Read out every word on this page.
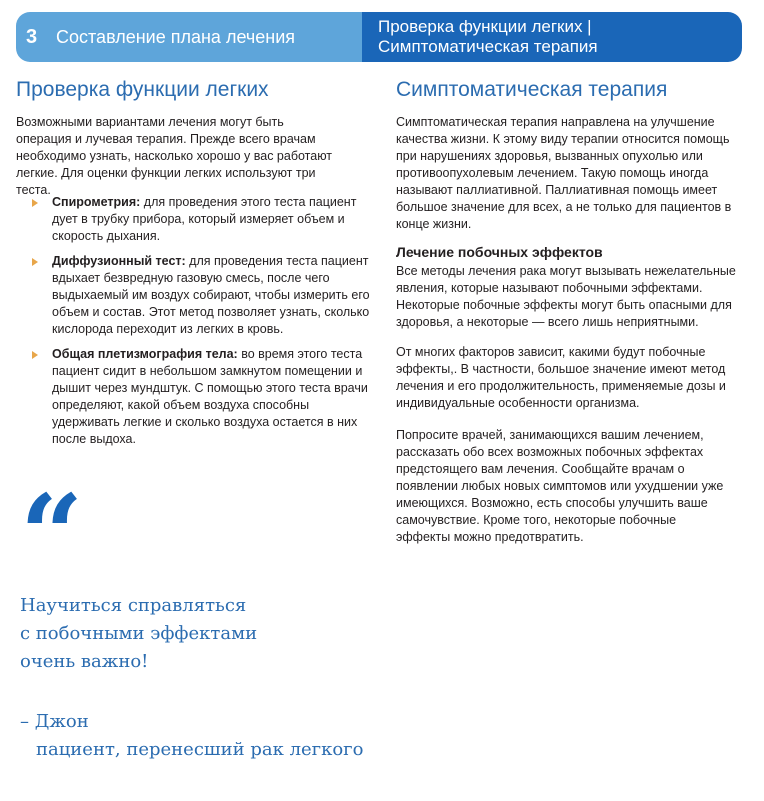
3	Составление плана лечения	Проверка функции легких |
Симптоматическая терапия
Проверка функции легких

Возможными вариантами лечения могут быть операция и лучевая терапия. Прежде всего врачам необходимо узнать, насколько хорошо у вас работают легкие. Для оценки функции легких используют три теста.

Спирометрия: для проведения этого теста пациент дует в трубку прибора, который измеряет объем и скорость дыхания.
Диффузионный тест: для проведения теста пациент вдыхает безвредную газовую смесь, после чего выдыхаемый им воздух собирают, чтобы измерить его объем и состав. Этот метод позволяет узнать, сколько кислорода переходит из легких в кровь.
Общая плетизмография тела: во время этого теста пациент сидит в небольшом замкнутом помещении и дышит через мундштук. С помощью этого теста врачи определяют, какой объем воздуха способны удерживать легкие и сколько воздуха остается в них после выдоха.
“

Научиться справляться
с побочными эффектами
очень важно!

– Джон
пациент, перенесший рак легкого

Симптоматическая терапия

Симптоматическая терапия направлена на улучшение качества жизни. К этому виду терапии относится помощь при нарушениях здоровья, вызванных опухолью или противоопухолевым лечением. Такую помощь иногда называют паллиативной. Паллиативная помощь имеет большое значение для всех, а не только для пациентов в конце жизни.

Лечение побочных эффектов

Все методы лечения рака могут вызывать нежелательные явления, которые называют побочными эффектами. Некоторые побочные эффекты могут быть опасными для здоровья, а некоторые — всего лишь неприятными.

От многих факторов зависит, какими будут побочные эффекты,. В частности, большое значение имеют метод лечения и его продолжительность, применяемые дозы и индивидуальные особенности организма.

Попросите врачей, занимающихся вашим лечением, рассказать обо всех возможных побочных эффектах предстоящего вам лечения. Сообщайте врачам о появлении любых новых симптомов или ухудшении уже имеющихся. Возможно, есть способы улучшить ваше самочувствие. Кроме того, некоторые побочные эффекты можно предотвратить.
